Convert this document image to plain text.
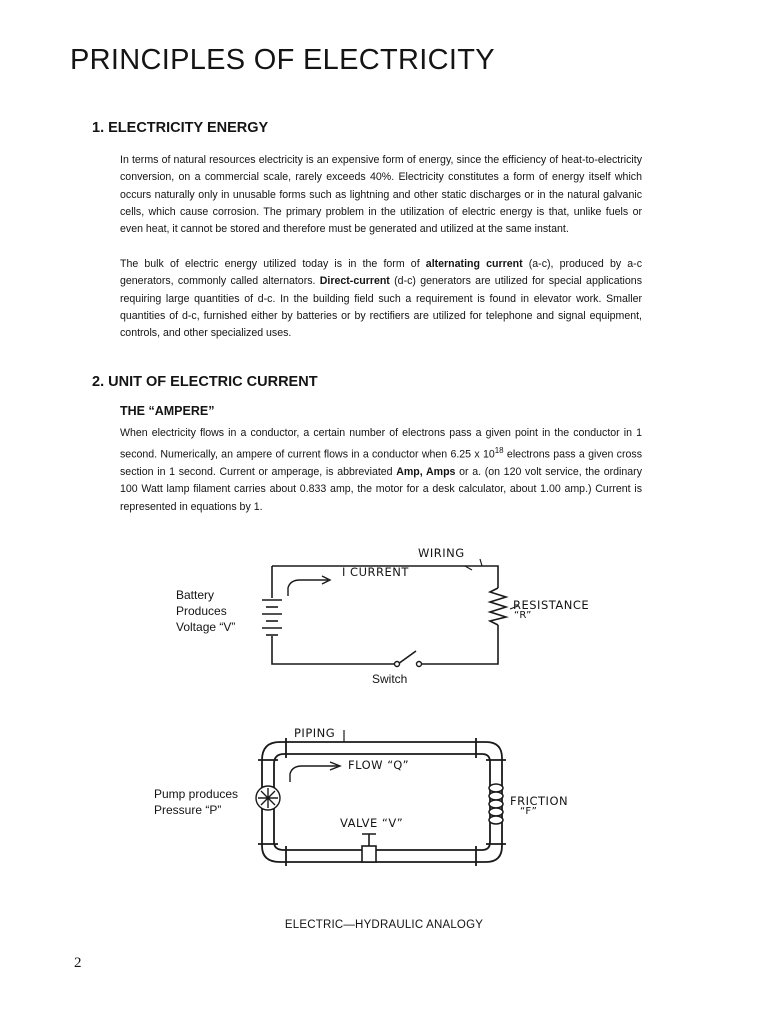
PRINCIPLES OF ELECTRICITY
1. ELECTRICITY ENERGY

In terms of natural resources electricity is an expensive form of energy, since the efficiency of heat-to-electricity conversion, on a commercial scale, rarely exceeds 40%. Electricity constitutes a form of energy itself which occurs naturally only in unusable forms such as lightning and other static discharges or in the natural galvanic cells, which cause corrosion. The primary problem in the utilization of electric energy is that, unlike fuels or even heat, it cannot be stored and therefore must be generated and utilized at the same instant.

The bulk of electric energy utilized today is in the form of alternating current (a-c), produced by a-c generators, commonly called alternators. Direct-current (d-c) generators are utilized for special applications requiring large quantities of d-c. In the building field such a requirement is found in elevator work. Smaller quantities of d-c, furnished either by batteries or by rectifiers are utilized for telephone and signal equipment, controls, and other specialized uses.

2. UNIT OF ELECTRIC CURRENT
THE “AMPERE”

When electricity flows in a conductor, a certain number of electrons pass a given point in the conductor in 1 second. Numerically, an ampere of current flows in a conductor when 6.25 x $10^{18}$ electrons pass a given cross section in 1 second. Current or amperage, is abbreviated Amp, Amps or a. (on 120 volt service, the ordinary 100 Watt lamp filament carries about 0.833 amp, the motor for a desk calculator, about 1.00 amp.) Current is represented in equations by 1.

Battery
Produces
Voltage “V”
WIRING
I CURRENT
RESISTANCE
“R”
Switch
Pump produces
Pressure “P”
PIPING
FLOW “Q”
FRICTION
“F”
VALVE “V”
ELECTRIC—HYDRAULIC ANALOGY
2
